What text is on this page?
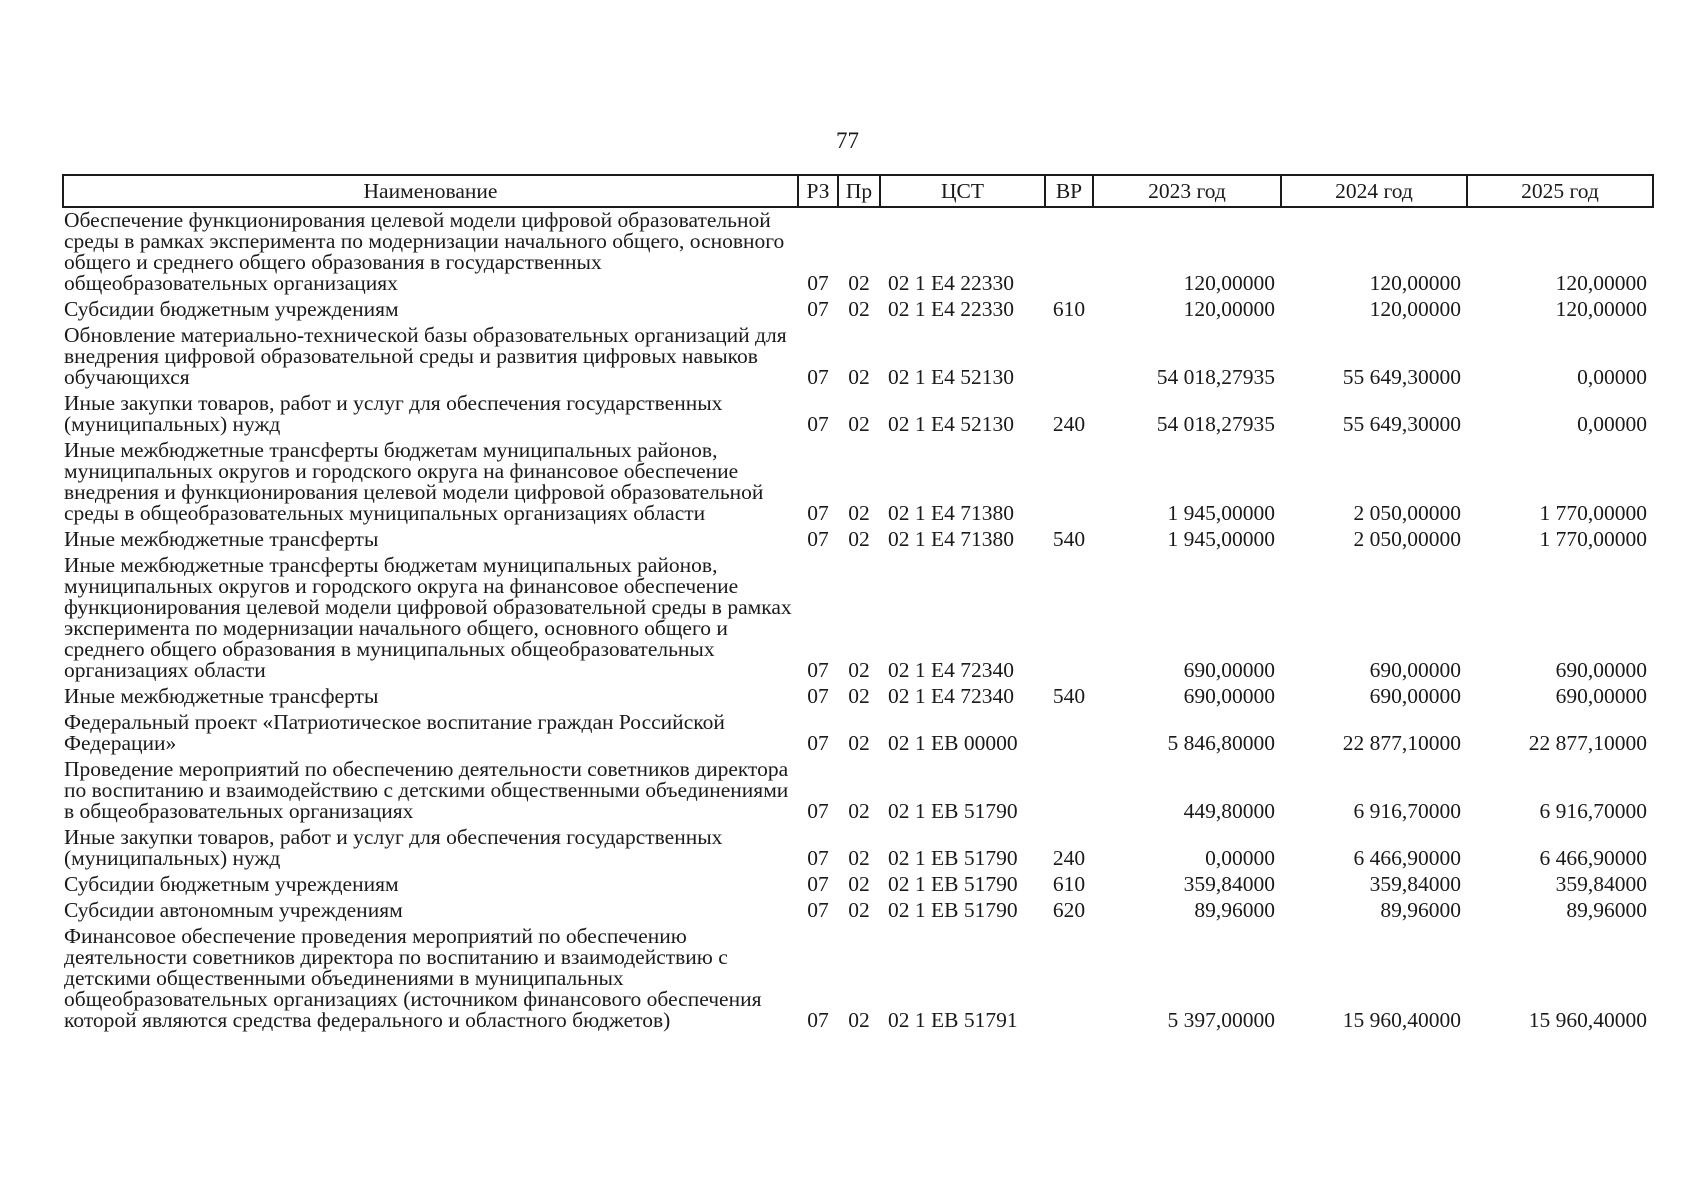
77
Наименование	РЗ	Пр	ЦСТ	ВР	2023 год	2024 год	2025 год
Обеспечение функционирования целевой модели цифровой образовательной среды в рамках эксперимента по модернизации начального общего, основного общего и среднего общего образования в государственных общеобразовательных организациях	07	02	02 1 E4 22330		120,00000	120,00000	120,00000
Субсидии бюджетным учреждениям	07	02	02 1 E4 22330	610	120,00000	120,00000	120,00000
Обновление материально-технической базы образовательных организаций для внедрения цифровой образовательной среды и развития цифровых навыков обучающихся	07	02	02 1 E4 52130		54 018,27935	55 649,30000	0,00000
Иные закупки товаров, работ и услуг для обеспечения государственных (муниципальных) нужд	07	02	02 1 E4 52130	240	54 018,27935	55 649,30000	0,00000
Иные межбюджетные трансферты бюджетам муниципальных районов, муниципальных округов и городского округа на финансовое обеспечение внедрения и функционирования целевой модели цифровой образовательной среды в общеобразовательных муниципальных организациях области	07	02	02 1 E4 71380		1 945,00000	2 050,00000	1 770,00000
Иные межбюджетные трансферты	07	02	02 1 E4 71380	540	1 945,00000	2 050,00000	1 770,00000
Иные межбюджетные трансферты бюджетам муниципальных районов, муниципальных округов и городского округа на финансовое обеспечение функционирования целевой модели цифровой образовательной среды в рамках эксперимента по модернизации начального общего, основного общего и среднего общего образования в муниципальных общеобразовательных организациях области	07	02	02 1 E4 72340		690,00000	690,00000	690,00000
Иные межбюджетные трансферты	07	02	02 1 E4 72340	540	690,00000	690,00000	690,00000
Федеральный проект «Патриотическое воспитание граждан Российской Федерации»	07	02	02 1 EB 00000		5 846,80000	22 877,10000	22 877,10000
Проведение мероприятий по обеспечению деятельности советников директора по воспитанию и взаимодействию с детскими общественными объединениями в общеобразовательных организациях	07	02	02 1 EB 51790		449,80000	6 916,70000	6 916,70000
Иные закупки товаров, работ и услуг для обеспечения государственных (муниципальных) нужд	07	02	02 1 EB 51790	240	0,00000	6 466,90000	6 466,90000
Субсидии бюджетным учреждениям	07	02	02 1 EB 51790	610	359,84000	359,84000	359,84000
Субсидии автономным учреждениям	07	02	02 1 EB 51790	620	89,96000	89,96000	89,96000
Финансовое обеспечение проведения мероприятий по обеспечению деятельности советников директора по воспитанию и взаимодействию с детскими общественными объединениями в муниципальных общеобразовательных организациях (источником финансового обеспечения которой являются средства федерального и областного бюджетов)	07	02	02 1 EB 51791		5 397,00000	15 960,40000	15 960,40000
